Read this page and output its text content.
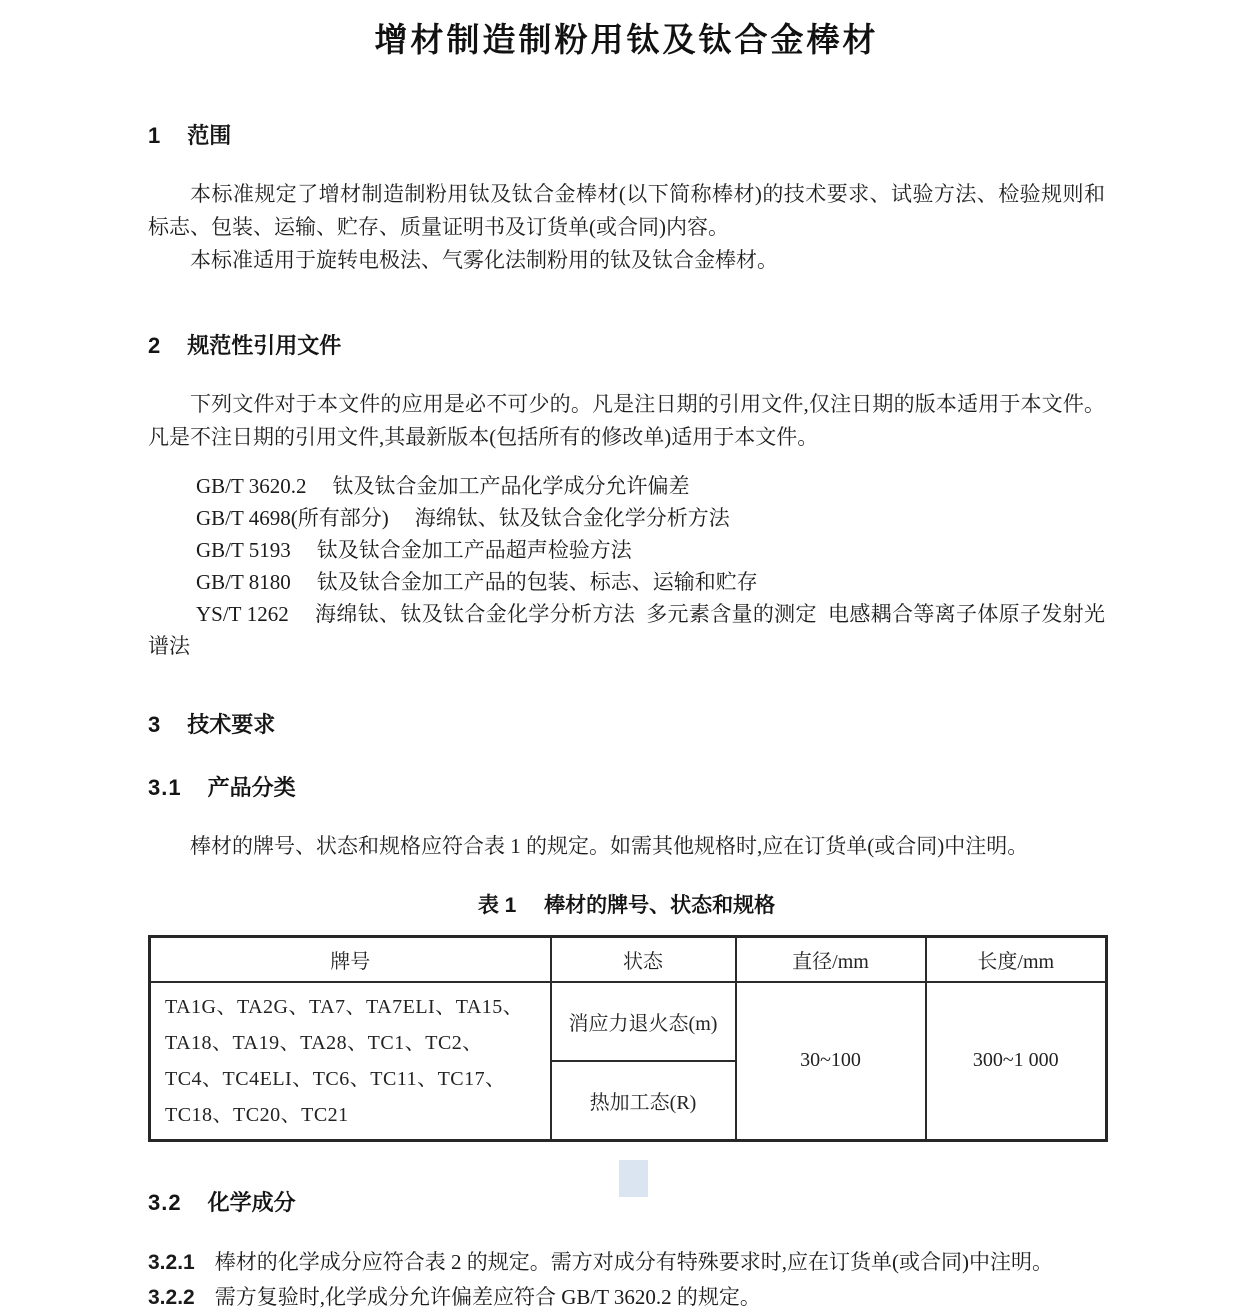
增材制造制粉用钛及钛合金棒材
1 范围

本标准规定了增材制造制粉用钛及钛合金棒材(以下简称棒材)的技术要求、试验方法、检验规则和标志、包装、运输、贮存、质量证明书及订货单(或合同)内容。

本标准适用于旋转电极法、气雾化法制粉用的钛及钛合金棒材。

2 规范性引用文件

下列文件对于本文件的应用是必不可少的。凡是注日期的引用文件,仅注日期的版本适用于本文件。凡是不注日期的引用文件,其最新版本(包括所有的修改单)适用于本文件。

GB/T 3620.2 钛及钛合金加工产品化学成分允许偏差

GB/T 4698(所有部分) 海绵钛、钛及钛合金化学分析方法

GB/T 5193 钛及钛合金加工产品超声检验方法

GB/T 8180 钛及钛合金加工产品的包装、标志、运输和贮存

YS/T 1262 海绵钛、钛及钛合金化学分析方法  多元素含量的测定  电感耦合等离子体原子发射光谱法

3 技术要求
3.1 产品分类

棒材的牌号、状态和规格应符合表 1 的规定。如需其他规格时,应在订货单(或合同)中注明。

表 1 棒材的牌号、状态和规格
牌号	状态	直径/mm	长度/mm
TA1G、TA2G、TA7、TA7ELI、TA15、TA18、TA19、TA28、TC1、TC2、TC4、TC4ELI、TC6、TC11、TC17、TC18、TC20、TC21	消应力退火态(m)	30~100	300~1 000
	热加工态(R)		
3.2 化学成分

3.2.1 棒材的化学成分应符合表 2 的规定。需方对成分有特殊要求时,应在订货单(或合同)中注明。

3.2.2 需方复验时,化学成分允许偏差应符合 GB/T 3620.2 的规定。
